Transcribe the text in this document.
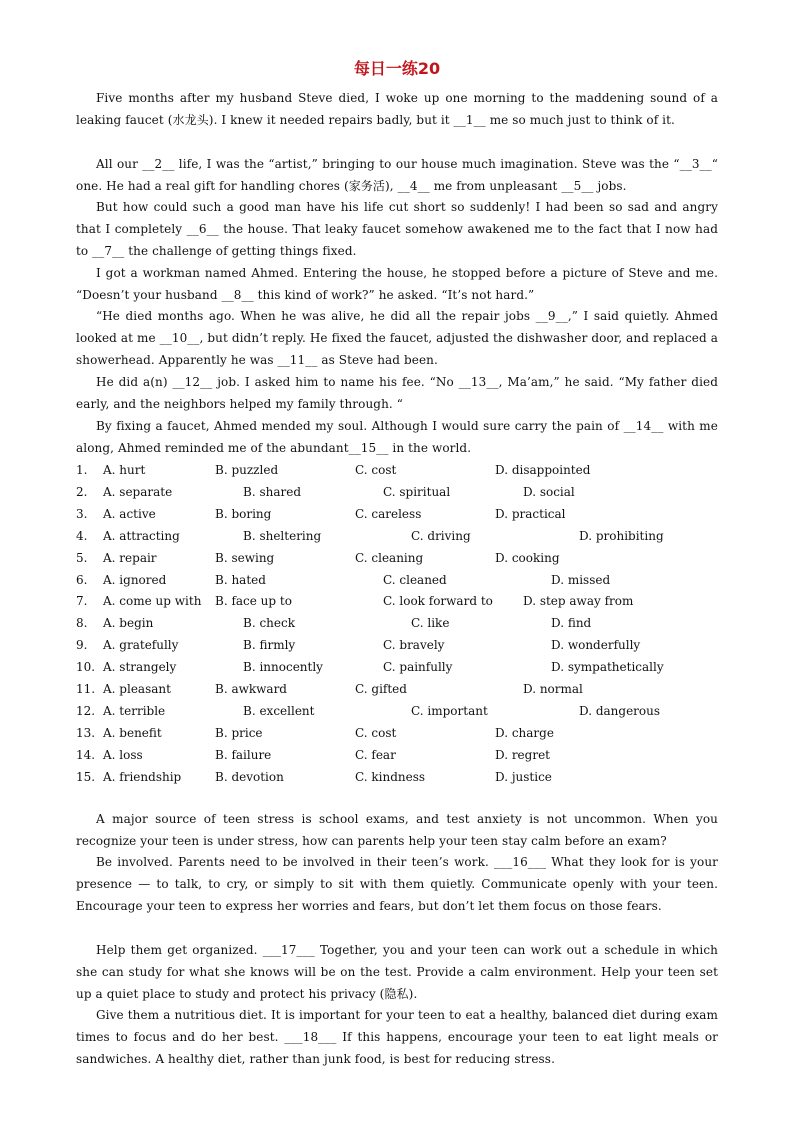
每日一练20
Five months after my husband Steve died, I woke up one morning to the maddening sound of a leaking faucet (水龙头). I knew it needed repairs badly, but it __1__ me so much just to think of it.
All our __2__ life, I was the “artist,” bringing to our house much imagination. Steve was the “__3__“ one. He had a real gift for handling chores (家务活), __4__ me from unpleasant __5__ jobs.
But how could such a good man have his life cut short so suddenly! I had been so sad and angry that I completely __6__ the house. That leaky faucet somehow awakened me to the fact that I now had to __7__ the challenge of getting things fixed.
I got a workman named Ahmed. Entering the house, he stopped before a picture of Steve and me. “Doesn’t your husband __8__ this kind of work?” he asked. “It’s not hard.”
“He died months ago. When he was alive, he did all the repair jobs __9__,” I said quietly. Ahmed looked at me __10__, but didn’t reply. He fixed the faucet, adjusted the dishwasher door, and replaced a showerhead. Apparently he was __11__ as Steve had been.
He did a(n) __12__ job. I asked him to name his fee. “No __13__, Ma’am,” he said. “My father died early, and the neighbors helped my family through. “
By fixing a faucet, Ahmed mended my soul. Although I would sure carry the pain of __14__ with me along, Ahmed reminded me of the abundant__15__ in the world.
1. A. hurt	B. puzzled	C. cost	D. disappointed
2. A. separate	B. shared	C. spiritual	D. social
3. A. active	B. boring	C. careless	D. practical
4. A. attracting	B. sheltering	C. driving	D. prohibiting
5. A. repair	B. sewing	C. cleaning	D. cooking
6. A. ignored	B. hated	C. cleaned	D. missed
7. A. come up with B. face up to	C. look forward to	D. step away from
8. A. begin	B. check	C. like	D. find
9. A. gratefully	B. firmly	C. bravely	D. wonderfully
10. A. strangely	B. innocently	C. painfully	D. sympathetically
11. A. pleasant	B. awkward	C. gifted	D. normal
12. A. terrible	B. excellent	C. important	D. dangerous
13. A. benefit	B. price	C. cost	D. charge
14. A. loss	B. failure	C. fear	D. regret
15. A. friendship	B. devotion	C. kindness	D. justice
A major source of teen stress is school exams, and test anxiety is not uncommon. When you recognize your teen is under stress, how can parents help your teen stay calm before an exam?
Be involved. Parents need to be involved in their teen’s work. ___16___ What they look for is your presence — to talk, to cry, or simply to sit with them quietly. Communicate openly with your teen. Encourage your teen to express her worries and fears, but don’t let them focus on those fears.
Help them get organized. ___17___ Together, you and your teen can work out a schedule in which she can study for what she knows will be on the test. Provide a calm environment. Help your teen set up a quiet place to study and protect his privacy (隐私).
Give them a nutritious diet. It is important for your teen to eat a healthy, balanced diet during exam times to focus and do her best. ___18___ If this happens, encourage your teen to eat light meals or sandwiches. A healthy diet, rather than junk food, is best for reducing stress.
